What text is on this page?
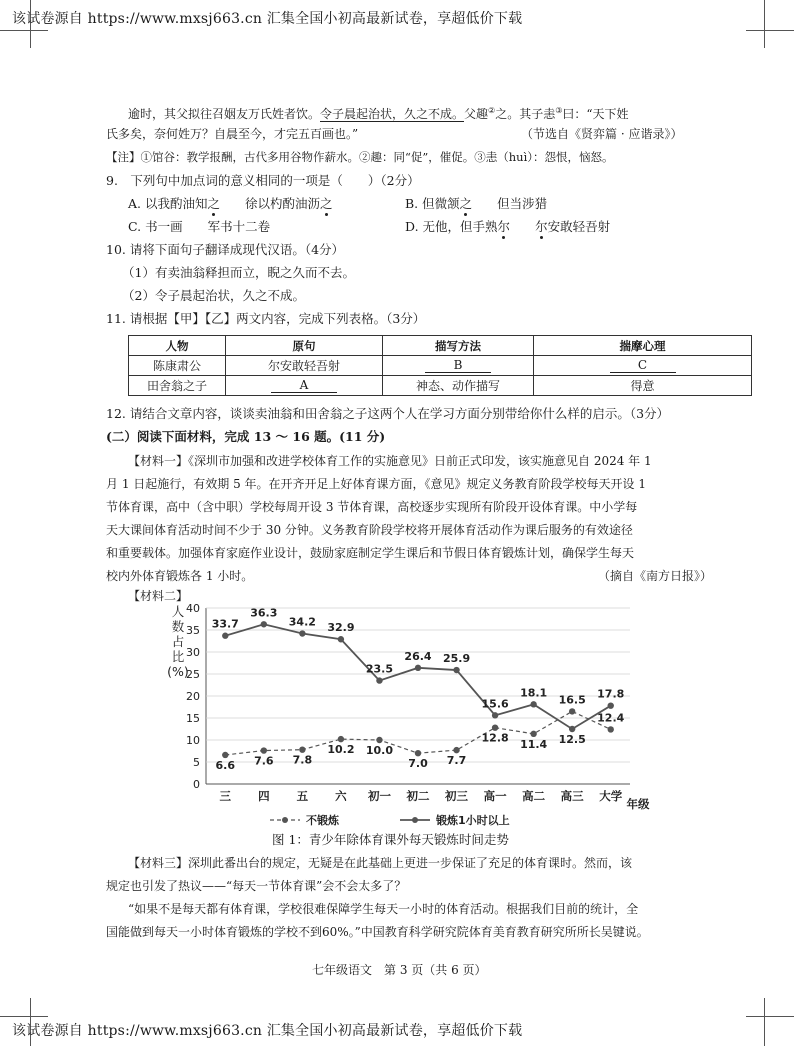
该试卷源自 https://www.mxsj663.cn 汇集全国小初高最新试卷，享超低价下载
逾时，其父拟往召姻友万氏姓者饮。令子晨起治状，久之不成。父趣②之。其子恚③曰：“天下姓
氏多矣，奈何姓万？自晨至今，才完五百画也。”	（节选自《贤弈篇 · 应谐录》）
【注】①馆谷：教学报酬，古代多用谷物作薪水。②趣：同“促”，催促。③恚（huì）：怨恨，恼怒。
9.　下列句中加点词的意义相同的一项是（　　）（2分）
A. 以我酌油知之　　 徐以杓酌油沥之	B. 但微颔之　　 但当涉猎
C. 书一画　　 军书十二卷	D. 无他，但手熟尔　　 尔安敢轻吾射
10. 请将下面句子翻译成现代汉语。（4分）
（1）有卖油翁释担而立，睨之久而不去。
（2）令子晨起治状，久之不成。
11. 请根据【甲】【乙】两文内容，完成下列表格。（3分）
人物	原句	描写方法	揣摩心理
陈康肃公	尔安敢轻吾射	B	C
田舍翁之子	A	神态、动作描写	得意
12. 请结合文章内容，谈谈卖油翁和田舍翁之子这两个人在学习方面分别带给你什么样的启示。（3分）
(二）阅读下面材料，完成 13 ～ 16 题。(11 分)
【材料一】《深圳市加强和改进学校体育工作的实施意见》日前正式印发，该实施意见自 2024 年 1
月 1 日起施行，有效期 5 年。在开齐开足上好体育课方面，《意见》规定义务教育阶段学校每天开设 1
节体育课，高中（含中职）学校每周开设 3 节体育课，高校逐步实现所有阶段开设体育课。中小学每
天大课间体育活动时间不少于 30 分钟。义务教育阶段学校将开展体育活动作为课后服务的有效途径
和重要载体。加强体育家庭作业设计，鼓励家庭制定学生课后和节假日体育锻炼计划，确保学生每天
校内外体育锻炼各 1 小时。	（摘自《南方日报》）
【材料二】
0
5
10
15
20
25
30
35
40
人
数
占
比
(%)
三 四 五 六 初一 初二 初三 高一 高二 高三 大学
年级
6.6 7.6 7.8
10.2 10.0
7.0 7.7
12.8 11.4
16.5
12.4
33.7
36.3
34.2 32.9
23.5
26.4 25.9
15.6
18.1
12.5
17.8
不锻炼	锻炼1小时以上
图 1：青少年除体育课外每天锻炼时间走势
【材料三】深圳此番出台的规定，无疑是在此基础上更进一步保证了充足的体育课时。然而，该
规定也引发了热议——“每天一节体育课”会不会太多了？
“如果不是每天都有体育课，学校很难保障学生每天一小时的体育活动。根据我们目前的统计，全
国能做到每天一小时体育锻炼的学校不到60%。”中国教育科学研究院体育美育教育研究所所长吴键说。
七年级语文　第 3 页（共 6 页）
该试卷源自 https://www.mxsj663.cn 汇集全国小初高最新试卷，享超低价下载
